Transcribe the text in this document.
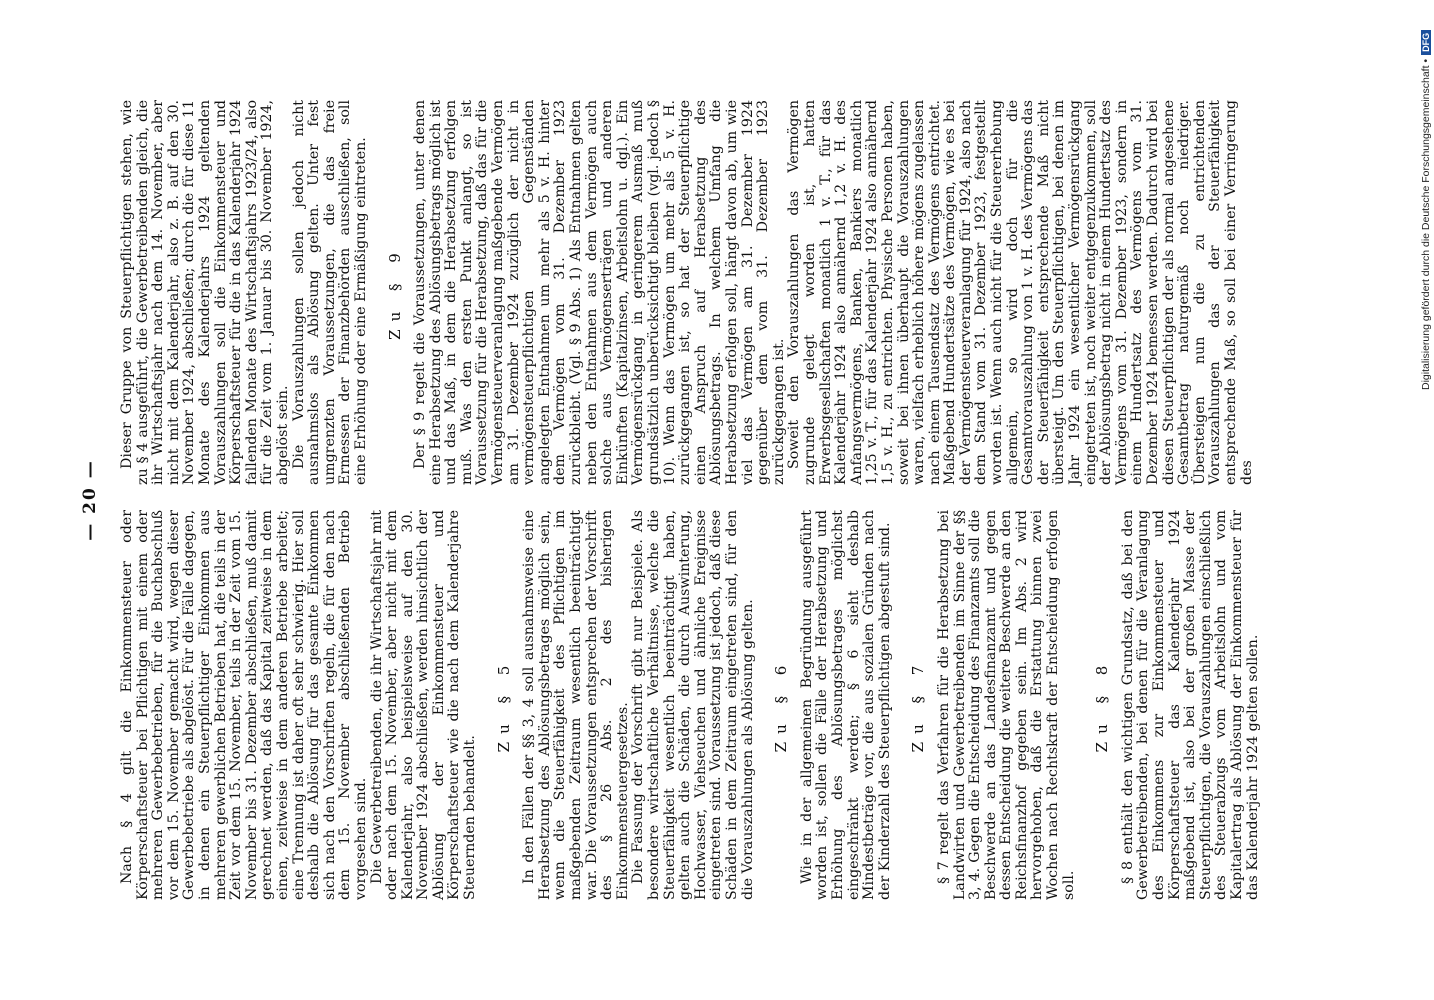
— 20 —

Nach § 4 gilt die Einkommensteuer oder Körperschaftsteuer bei Pflichtigen mit einem oder mehreren Gewerbebetrieben, für die Buchabschluß vor dem 15. November gemacht wird, wegen dieser Gewerbebetriebe als abgelöst. Für die Fälle dagegen, in denen ein Steuerpflichtiger Einkommen aus mehreren gewerblichen Betrieben hat, die teils in der Zeit vor dem 15. November, teils in der Zeit vom 15. November bis 31. Dezember abschließen, muß damit gerechnet werden, daß das Kapital zeitweise in dem einen, zeitweise in dem anderen Betriebe arbeitet; eine Trennung ist daher oft sehr schwierig. Hier soll deshalb die Ablösung für das gesamte Einkommen sich nach den Vorschriften regeln, die für den nach dem 15. November abschließenden Betrieb vorgesehen sind. Die Gewerbetreibenden, die ihr Wirtschaftsjahr mit oder nach dem 15. November, aber nicht mit dem Kalenderjahr, also beispielsweise auf den 30. November 1924 abschließen, werden hinsichtlich der Ablösung der Einkommensteuer und Körperschaftsteuer wie die nach dem Kalenderjahre Steuernden behandelt.

Zu § 5 In den Fällen der §§ 3, 4 soll ausnahmsweise eine Herabsetzung des Ablösungsbetrages möglich sein, wenn die Steuerfähigkeit des Pflichtigen im maßgebenden Zeitraum wesentlich beeinträchtigt war. Die Voraussetzungen entsprechen der Vorschrift des § 26 Abs. 2 des bisherigen Einkommensteuergesetzes. Die Fassung der Vorschrift gibt nur Beispiele. Als besondere wirtschaftliche Verhältnisse, welche die Steuerfähigkeit wesentlich beeinträchtigt haben, gelten auch die Schäden, die durch Auswinterung, Hochwasser, Viehseuchen und ähnliche Ereignisse eingetreten sind. Voraussetzung ist jedoch, daß diese Schäden in dem Zeitraum eingetreten sind, für den die Vorauszahlungen als Ablösung gelten. Zu § 6 Wie in der allgemeinen Begründung ausgeführt worden ist, sollen die Fälle der Herabsetzung und Erhöhung des Ablösungsbetrages möglichst eingeschränkt werden; § 6 sieht deshalb Mindestbeträge vor, die aus sozialen Gründen nach der Kinderzahl des Steuerpflichtigen abgestuft sind. Zu § 7 § 7 regelt das Verfahren für die Herabsetzung bei Landwirten und Gewerbetreibenden im Sinne der §§ 3, 4. Gegen die Entscheidung des Finanzamts soll die Beschwerde an das Landesfinanzamt und gegen dessen Entscheidung die weitere Beschwerde an den Reichsfinanzhof gegeben sein. Im Abs. 2 wird hervorgehoben, daß die Erstattung binnen zwei Wochen nach Rechtskraft der Entscheidung erfolgen soll.

Zu § 8 § 8 enthält den wichtigen Grundsatz, daß bei den Gewerbetreibenden, bei denen für die Veranlagung des Einkommens zur Einkommensteuer und Körperschaftsteuer das Kalenderjahr 1924 maßgebend ist, also bei der großen Masse der Steuerpflichtigen, die Vorauszahlungen einschließlich des Steuerabzugs vom Arbeitslohn und vom Kapitalertrag als Ablösung der Einkommensteuer für das Kalenderjahr 1924 gelten sollen.

Dieser Gruppe von Steuerpflichtigen stehen, wie zu § 4 ausgeführt, die Gewerbetreibenden gleich, die ihr Wirtschaftsjahr nach dem 14. November, aber nicht mit dem Kalenderjahr, also z. B. auf den 30. November 1924, abschließen; durch die für diese 11 Monate des Kalenderjahrs 1924 geltenden Vorauszahlungen soll die Einkommensteuer und Körperschaftsteuer für die in das Kalenderjahr 1924 fallenden Monate des Wirtschaftsjahrs 1923/24, also für die Zeit vom 1. Januar bis 30. November 1924, abgelöst sein. Die Vorauszahlungen sollen jedoch nicht ausnahmslos als Ablösung gelten. Unter fest umgrenzten Voraussetzungen, die das freie Ermessen der Finanzbehörden ausschließen, soll eine Erhöhung oder eine Ermäßigung eintreten. Zu § 9 Der § 9 regelt die Voraussetzungen, unter denen eine Herabsetzung des Ablösungsbetrags möglich ist und das Maß, in dem die Herabsetzung erfolgen muß. Was den ersten Punkt anlangt, so ist Voraussetzung für die Herabsetzung, daß das für die Vermögensteuerveranlagung maßgebende Vermögen am 31. Dezember 1924 zuzüglich der nicht in vermögensteuerpflichtigen Gegenständen angelegten Entnahmen um mehr als 5 v. H. hinter dem Vermögen vom 31. Dezember 1923 zurückbleibt. (Vgl. § 9 Abs. 1) Als Entnahmen gelten neben den Entnahmen aus dem Vermögen auch solche aus Vermögenserträgen und anderen Einkünften (Kapitalzinsen, Arbeitslohn u. dgl.). Ein Vermögensrückgang in geringerem Ausmaß muß grundsätzlich unberücksichtigt bleiben (vgl. jedoch § 10). Wenn das Vermögen um mehr als 5 v. H. zurückgegangen ist, so hat der Steuerpflichtige einen Anspruch auf Herabsetzung des Ablösungsbetrags. In welchem Umfang die Herabsetzung erfolgen soll, hängt davon ab, um wie viel das Vermögen am 31. Dezember 1924 gegenüber dem vom 31. Dezember 1923 zurückgegangen ist. Soweit den Vorauszahlungen das Vermögen zugrunde gelegt worden ist, hatten Erwerbsgesellschaften monatlich 1 v. T., für das Kalenderjahr 1924 also annähernd 1,2 v. H. des Anfangsvermögens, Banken, Bankiers monatlich 1,25 v. T., für das Kalenderjahr 1924 also annähernd 1,5 v. H., zu entrichten. Physische Personen haben, soweit bei ihnen überhaupt die Vorauszahlungen waren, vielfach erheblich höhere mögens zugelassen nach einem Tausendsatz des Vermögens entrichtet. Maßgebend Hundertsätze des Vermögen, wie es bei der Vermögensteuerveranlagung für 1924, also nach dem Stand vom 31. Dezember 1923, festgestellt worden ist. Wenn auch nicht für die Steuererhebung allgemein, so wird doch für die Gesamtvorauszahlung von 1 v. H. des Vermögens das der Steuerfähigkeit entsprechende Maß nicht übersteigt. Um den Steuerpflichtigen, bei denen im Jahr 1924 ein wesentlicher Vermögensrückgang eingetreten ist, noch weiter entgegenzukommen, soll der Ablösungsbetrag nicht in einem Hundertsatz des Vermögens vom 31. Dezember 1923, sondern in einem Hundertsatz des Vermögens vom 31. Dezember 1924 bemessen werden. Dadurch wird bei diesen Steuerpflichtigen der als normal angesehene Gesamtbetrag naturgemäß noch niedriger. Übersteigen nun die zu entrichtenden Vorauszahlungen das der Steuerfähigkeit entsprechende Maß, so soll bei einer Verringerung des

Digitalisierung gefördert durch die Deutsche Forschungsgemeinschaft •DFG
